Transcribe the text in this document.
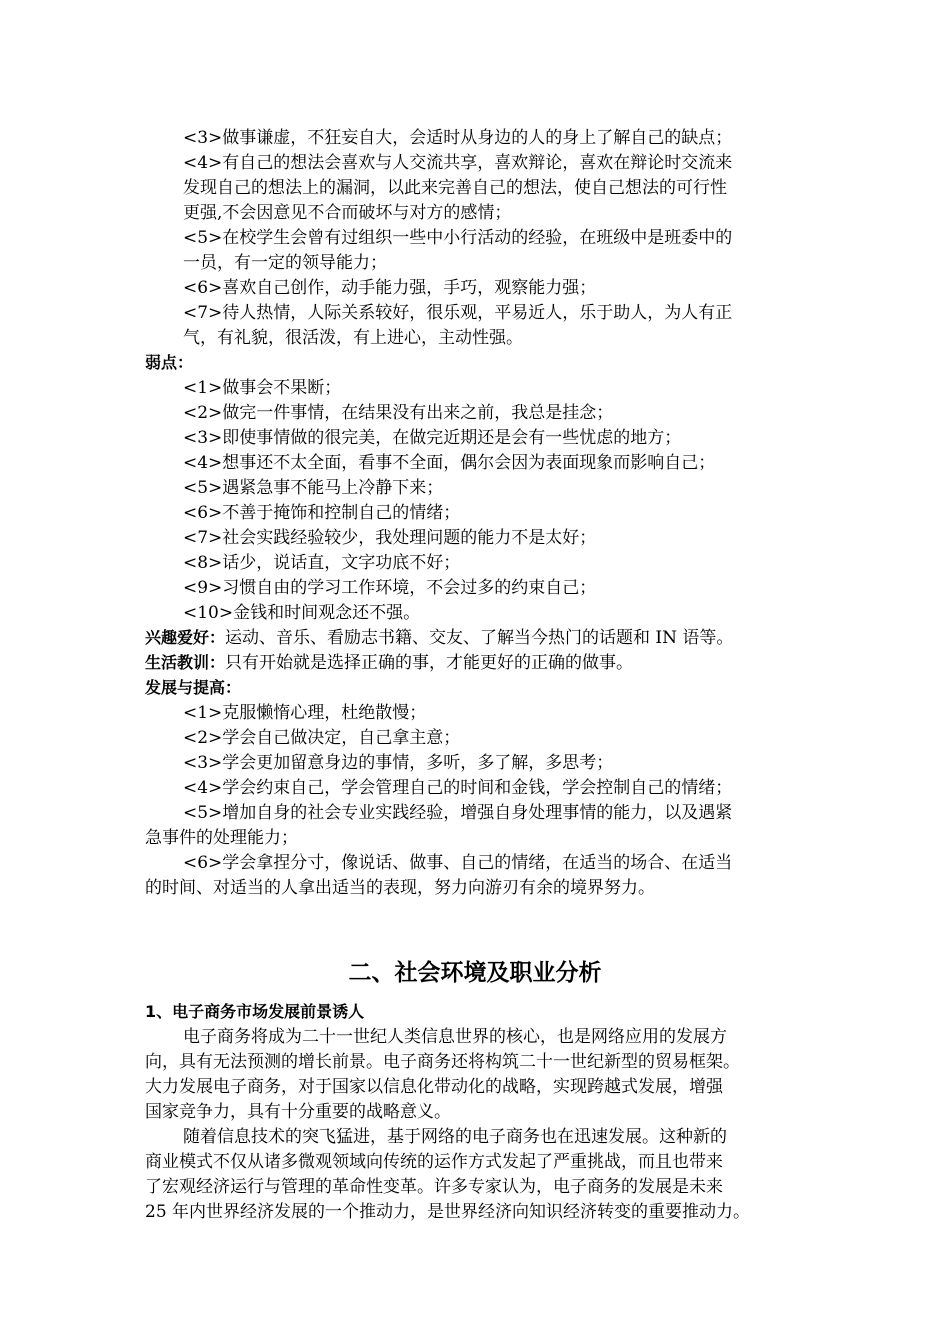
<3>做事谦虚，不狂妄自大，会适时从身边的人的身上了解自己的缺点；
<4>有自己的想法会喜欢与人交流共享，喜欢辩论，喜欢在辩论时交流来
发现自己的想法上的漏洞，以此来完善自己的想法，使自己想法的可行性
更强,不会因意见不合而破坏与对方的感情；
<5>在校学生会曾有过组织一些中小行活动的经验，在班级中是班委中的
一员，有一定的领导能力；
<6>喜欢自己创作，动手能力强，手巧，观察能力强；
<7>待人热情，人际关系较好，很乐观，平易近人，乐于助人，为人有正
气，有礼貌，很活泼，有上进心，主动性强。
弱点：
<1>做事会不果断；
<2>做完一件事情，在结果没有出来之前，我总是挂念；
<3>即使事情做的很完美，在做完近期还是会有一些忧虑的地方；
<4>想事还不太全面，看事不全面，偶尔会因为表面现象而影响自己；
<5>遇紧急事不能马上冷静下来；
<6>不善于掩饰和控制自己的情绪；
<7>社会实践经验较少，我处理问题的能力不是太好；
<8>话少，说话直，文字功底不好；
<9>习惯自由的学习工作环境，不会过多的约束自己；
<10>金钱和时间观念还不强。
兴趣爱好：运动、音乐、看励志书籍、交友、了解当今热门的话题和 IN 语等。
生活教训：只有开始就是选择正确的事，才能更好的正确的做事。
发展与提高：
<1>克服懒惰心理，杜绝散慢；
<2>学会自己做决定，自己拿主意；
<3>学会更加留意身边的事情，多听，多了解，多思考；
<4>学会约束自己，学会管理自己的时间和金钱，学会控制自己的情绪；
<5>增加自身的社会专业实践经验，增强自身处理事情的能力，以及遇紧
急事件的处理能力；
<6>学会拿捏分寸，像说话、做事、自己的情绪，在适当的场合、在适当
的时间、对适当的人拿出适当的表现，努力向游刃有余的境界努力。
二、社会环境及职业分析
1、电子商务市场发展前景诱人
电子商务将成为二十一世纪人类信息世界的核心，也是网络应用的发展方
向，具有无法预测的增长前景。电子商务还将构筑二十一世纪新型的贸易框架。
大力发展电子商务，对于国家以信息化带动化的战略，实现跨越式发展，增强
国家竞争力，具有十分重要的战略意义。
随着信息技术的突飞猛进，基于网络的电子商务也在迅速发展。这种新的
商业模式不仅从诸多微观领域向传统的运作方式发起了严重挑战，而且也带来
了宏观经济运行与管理的革命性变革。许多专家认为，电子商务的发展是未来
25 年内世界经济发展的一个推动力，是世界经济向知识经济转变的重要推动力。
